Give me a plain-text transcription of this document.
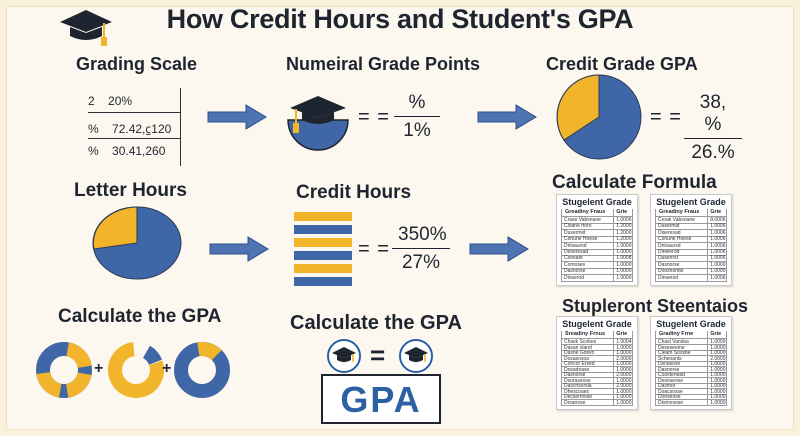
How Credit Hours and Student's GPA
Grading Scale	Numeiral Grade Points	Credit Grade GPA
2 20%
% 72.42,⃀120
% 30.41,260
= =
%
1%
= = $\frac{38, \%}{26.\%}$
Letter Hours	Credit Hours
= = $\frac{350\%}{27\%}$
Calculate Formula
Stugelent Grade
Greadiny Fraus Grie
Crase Vabsnane	1.0006
Cloane rtoro	1.2000
Dusermid	1.2000
Conune Hoese	1.2000
Dnisaursd	1.0000
Deseresad	1.0000
Coosate	1.0008
Comoses	1.0000
Dasnorse	1.0000
Dinserod	1.0000
Stugelent Grade
Greadiny Fraus Grie
Croak Vabsnane	8.0006
Dusermid	1.0006
Diseresad	1.0006
Conune Hoese	1.0006
Dnisaursd	1.0006
Dinelerod	1.0006
Dusenrst	1.0006
Dasnorse	1.0000
Doosnomte	1.0000
Dinserod	1.0006
Stupleront Steentaios
Stugelent Grade
Sreadiny Frnus Grie
Chask Scobes	1.0004
Dasan sland	1.0000
Dasne Gosvo	1.0000
Dosasosoa	2.0000
Concor Ersed	1.0000
Dosadoase	1.0000
Dasnorse	2.0000
Dsoraseose	1.0000
Dascnsorsla	2.0000
Dhescoaes	1.0000
Decsermose	1.0000
Drsanose	1.0000
Stugelent Grade
Gradiny Frne	Grie
Chasl Vandsa	1.0000
Deseseeme	1.0000
Cleam Sossbe	1.0000
Scheoants	2.0000
Dsnasose	1.0000
Dasnorse	1.0000
Coostenead	1.0000
Desnseose	1.0000
Dasmor	1.0000
Doacsosse	1.0000
Donseose	1.0000
Dtsmosose	1.0000
Calculate the GPA
+	+
Calculate the GPA
=
GPA
